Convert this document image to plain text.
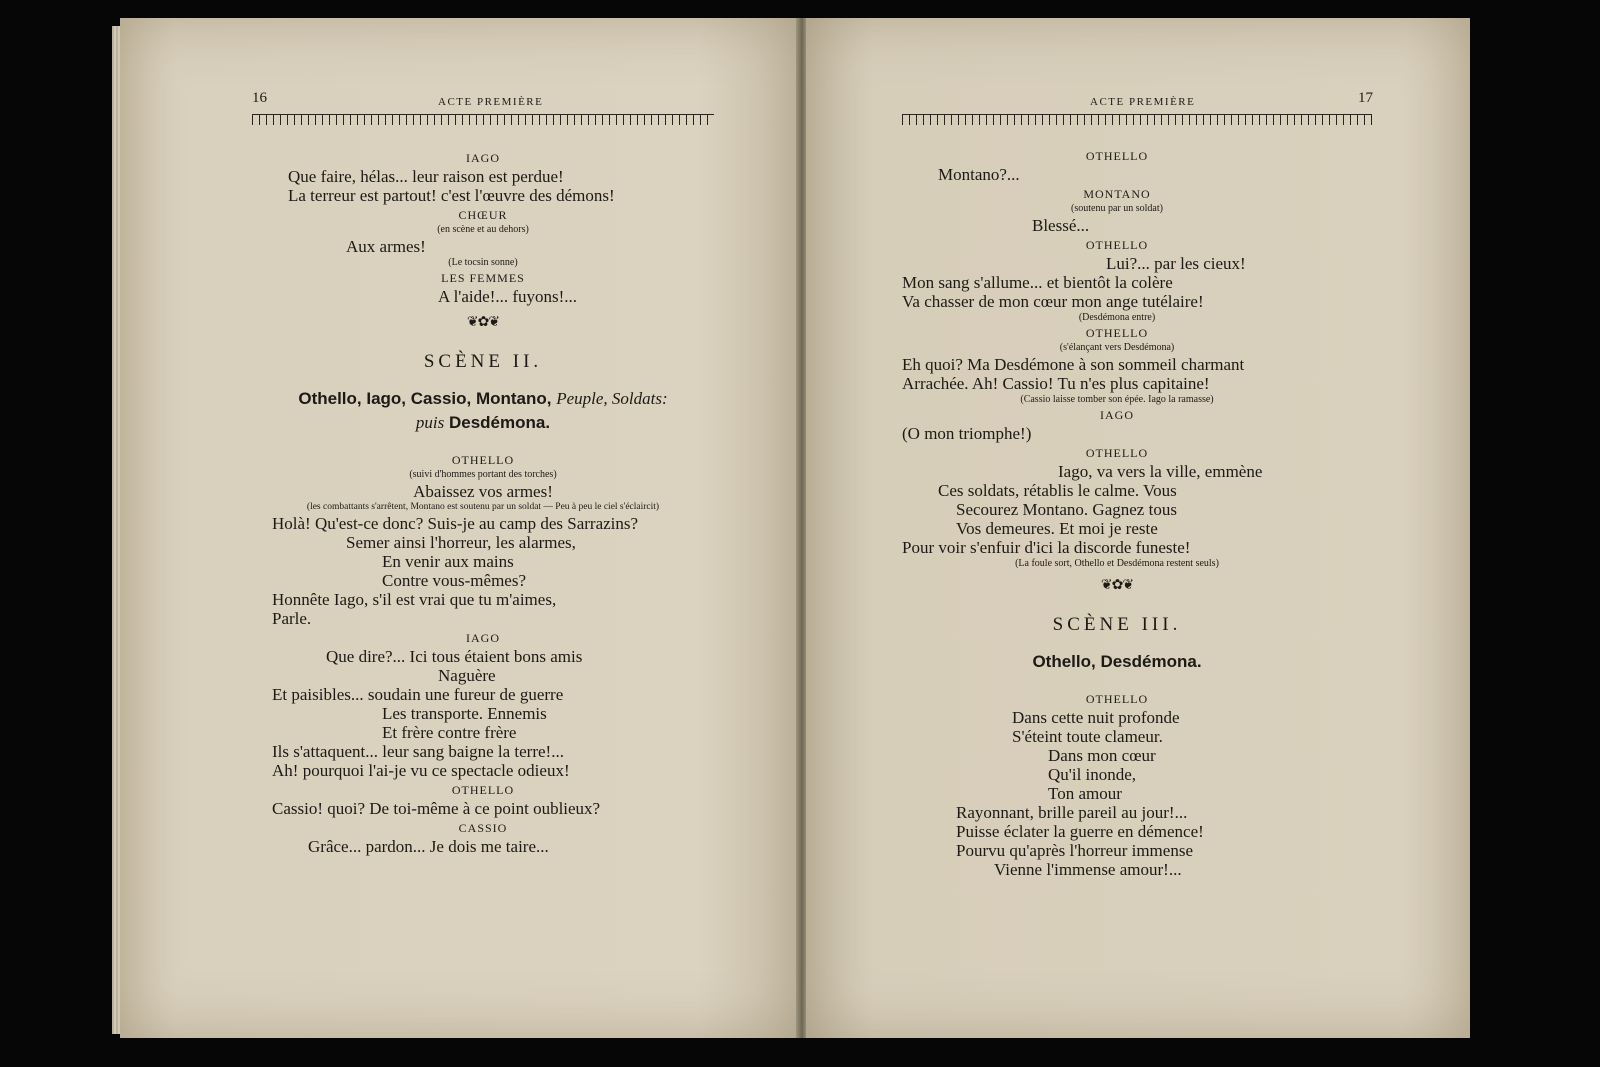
16	ACTE PREMIÈRE
IAGO
Que faire, hélas... leur raison est perdue!
La terreur est partout! c'est l'œuvre des démons!
CHŒUR
(en scène et au dehors)
Aux armes!
(Le tocsin sonne)
LES FEMMES
A l'aide!... fuyons!...
❦✿❦
SCÈNE II.
Othello, Iago, Cassio, Montano, Peuple, Soldats:
puis Desdémona.
OTHELLO
(suivi d'hommes portant des torches)
Abaissez vos armes!
(les combattants s'arrêtent, Montano est soutenu par un soldat — Peu à peu le ciel s'éclaircit)
Holà! Qu'est-ce donc? Suis-je au camp des Sarrazins?
Semer ainsi l'horreur, les alarmes,
En venir aux mains
Contre vous-mêmes?
Honnête Iago, s'il est vrai que tu m'aimes,
Parle.
IAGO
Que dire?... Ici tous étaient bons amis
Naguère
Et paisibles... soudain une fureur de guerre
Les transporte. Ennemis
Et frère contre frère
Ils s'attaquent... leur sang baigne la terre!...
Ah! pourquoi l'ai-je vu ce spectacle odieux!
OTHELLO
Cassio! quoi? De toi-même à ce point oublieux?
CASSIO
Grâce... pardon... Je dois me taire...
ACTE PREMIÈRE	17
OTHELLO
Montano?...
MONTANO
(soutenu par un soldat)
Blessé...
OTHELLO
Lui?... par les cieux!
Mon sang s'allume... et bientôt la colère
Va chasser de mon cœur mon ange tutélaire!
(Desdémona entre)
OTHELLO
(s'élançant vers Desdémona)
Eh quoi? Ma Desdémone à son sommeil charmant
Arrachée. Ah! Cassio! Tu n'es plus capitaine!
(Cassio laisse tomber son épée. Iago la ramasse)
IAGO
(O mon triomphe!)
OTHELLO
Iago, va vers la ville, emmène
Ces soldats, rétablis le calme. Vous
Secourez Montano. Gagnez tous
Vos demeures. Et moi je reste
Pour voir s'enfuir d'ici la discorde funeste!
(La foule sort, Othello et Desdémona restent seuls)
❦✿❦
SCÈNE III.
Othello, Desdémona.
OTHELLO
Dans cette nuit profonde
S'éteint toute clameur.
Dans mon cœur
Qu'il inonde,
Ton amour
Rayonnant, brille pareil au jour!...
Puisse éclater la guerre en démence!
Pourvu qu'après l'horreur immense
Vienne l'immense amour!...
